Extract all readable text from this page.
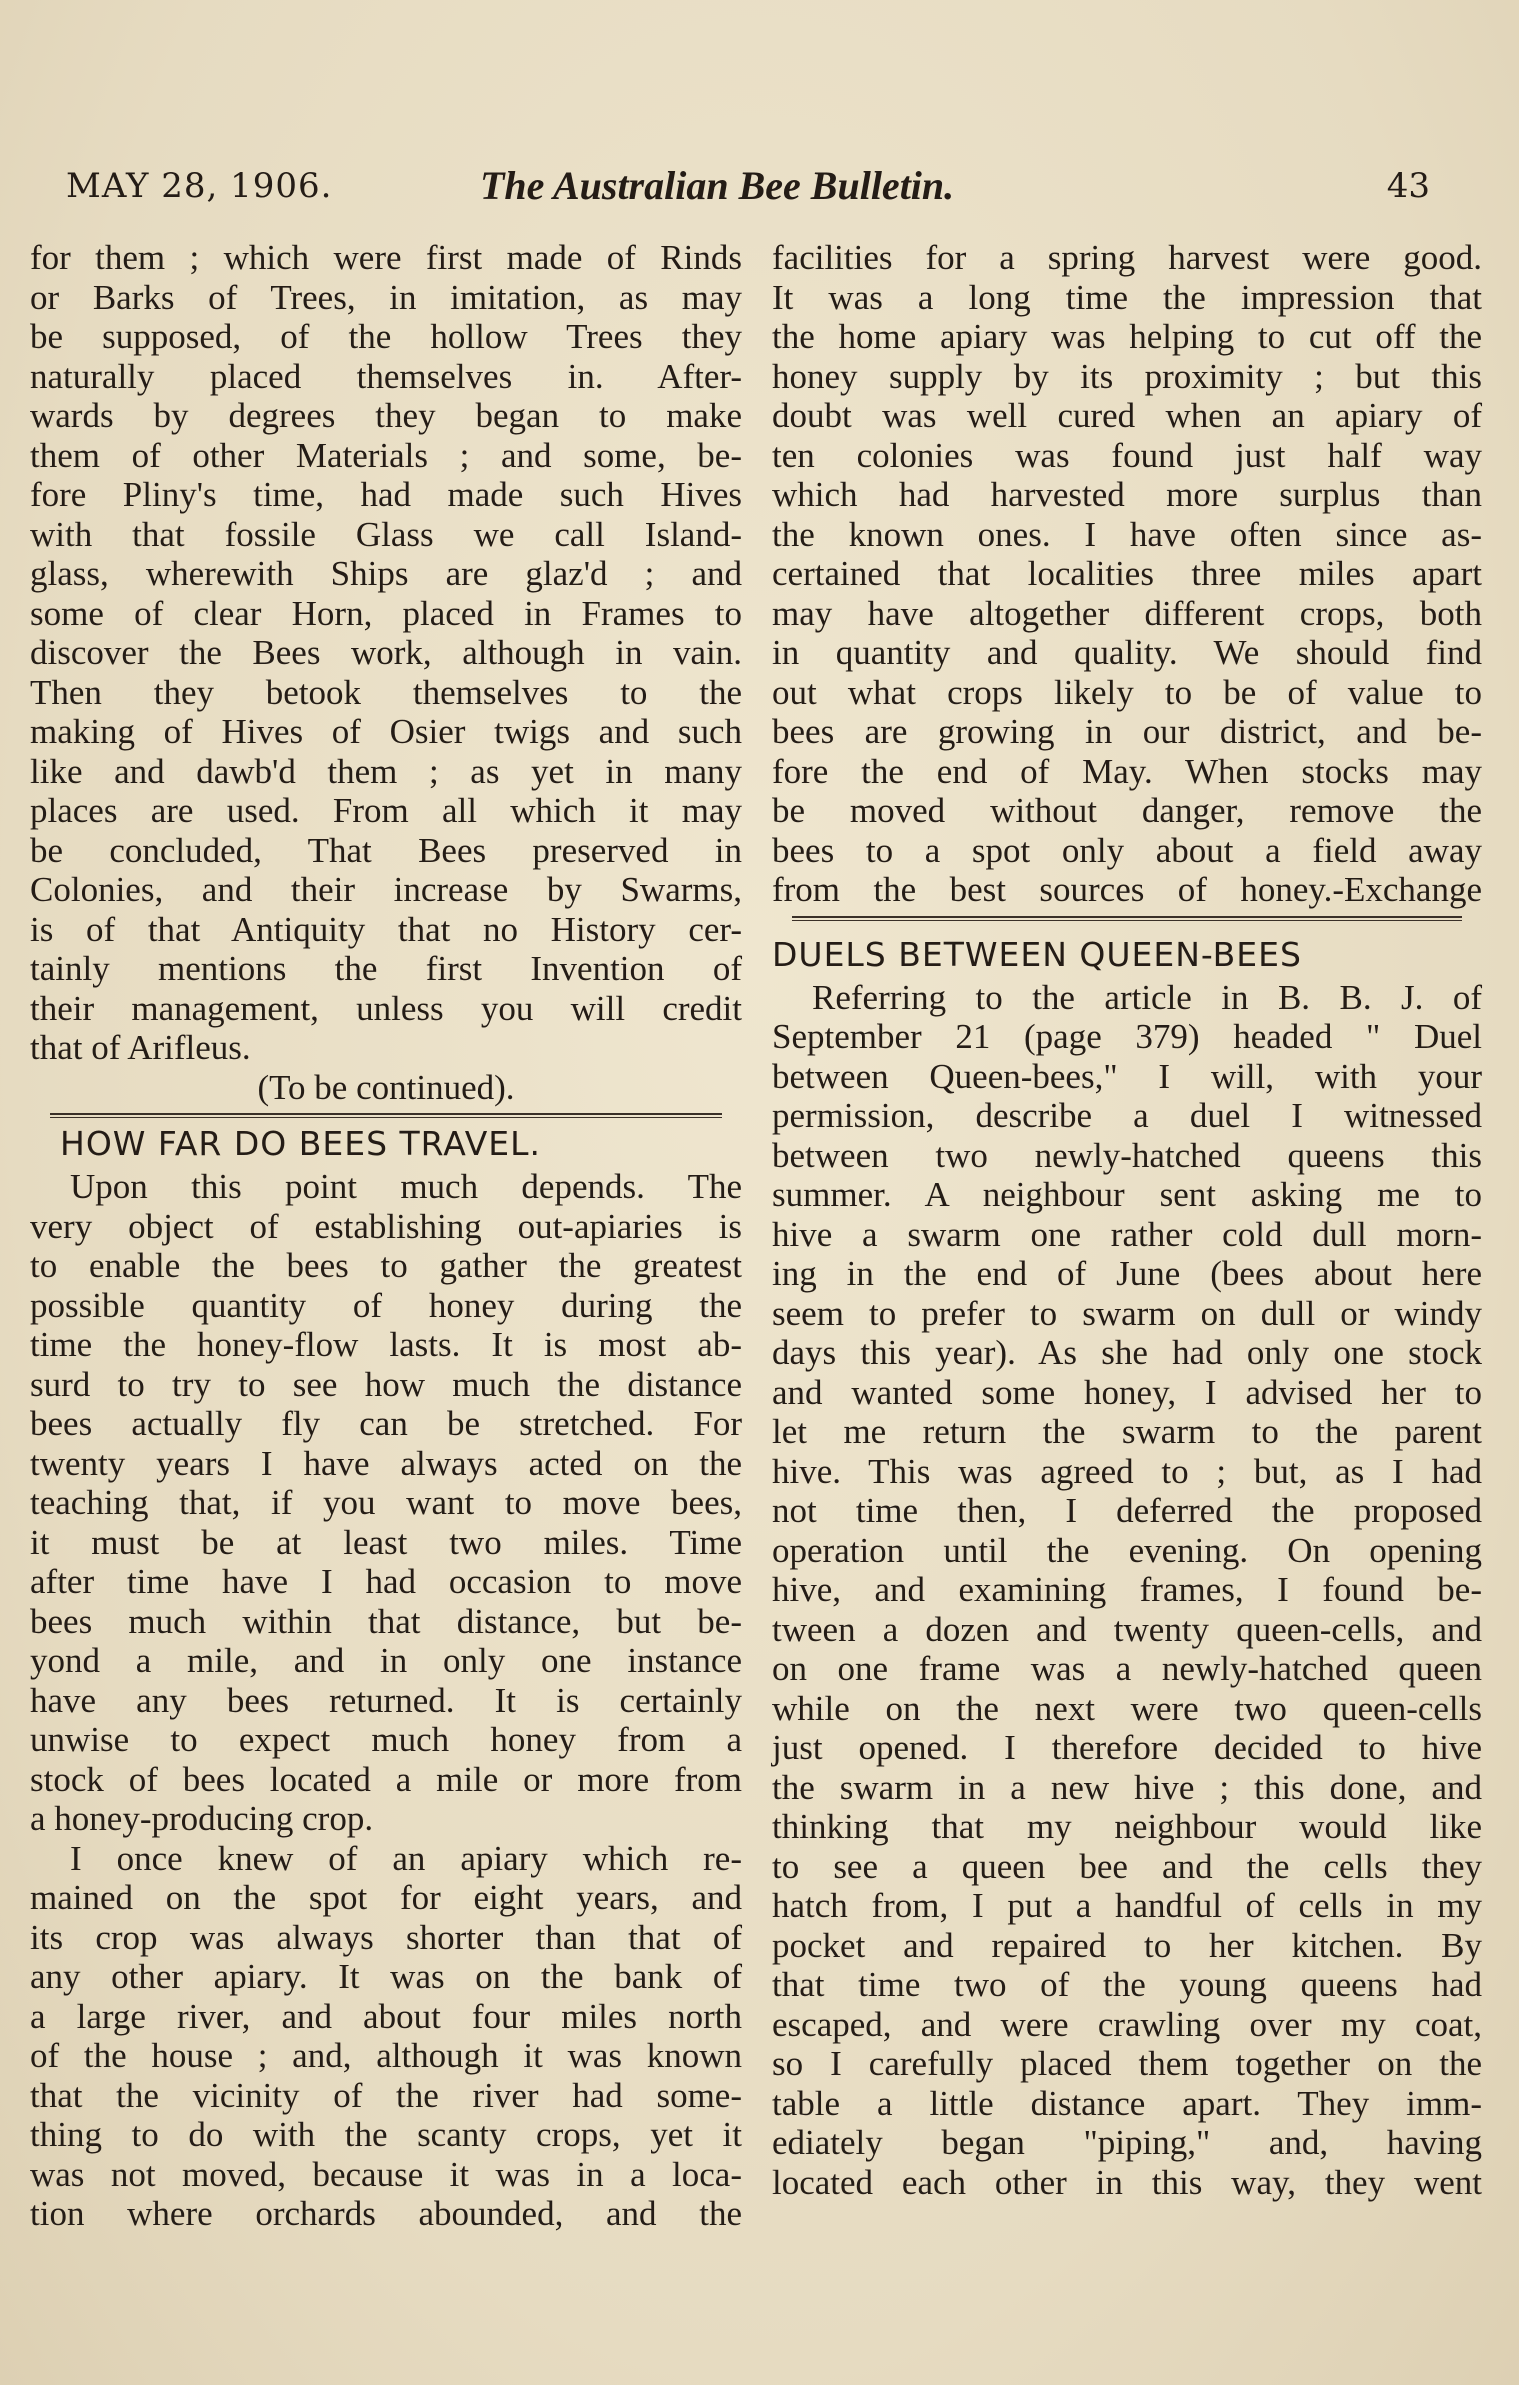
MAY 28, 1906.	The Australian Bee Bulletin.	43
for them ; which were first made of Rinds
or Barks of Trees, in imitation, as may
be supposed, of the hollow Trees they
naturally placed themselves in. After-
wards by degrees they began to make
them of other Materials ; and some, be-
fore Pliny's time, had made such Hives
with that fossile Glass we call Island-
glass, wherewith Ships are glaz'd ; and
some of clear Horn, placed in Frames to
discover the Bees work, although in vain.
Then they betook themselves to the
making of Hives of Osier twigs and such
like and dawb'd them ; as yet in many
places are used. From all which it may
be concluded, That Bees preserved in
Colonies, and their increase by Swarms,
is of that Antiquity that no History cer-
tainly mentions the first Invention of
their management, unless you will credit
that of Arifleus.
(To be continued).
HOW FAR DO BEES TRAVEL.
Upon this point much depends. The
very object of establishing out-apiaries is
to enable the bees to gather the greatest
possible quantity of honey during the
time the honey-flow lasts. It is most ab-
surd to try to see how much the distance
bees actually fly can be stretched. For
twenty years I have always acted on the
teaching that, if you want to move bees,
it must be at least two miles. Time
after time have I had occasion to move
bees much within that distance, but be-
yond a mile, and in only one instance
have any bees returned. It is certainly
unwise to expect much honey from a
stock of bees located a mile or more from
a honey-producing crop.
I once knew of an apiary which re-
mained on the spot for eight years, and
its crop was always shorter than that of
any other apiary. It was on the bank of
a large river, and about four miles north
of the house ; and, although it was known
that the vicinity of the river had some-
thing to do with the scanty crops, yet it
was not moved, because it was in a loca-
tion where orchards abounded, and the
facilities for a spring harvest were good.
It was a long time the impression that
the home apiary was helping to cut off the
honey supply by its proximity ; but this
doubt was well cured when an apiary of
ten colonies was found just half way
which had harvested more surplus than
the known ones. I have often since as-
certained that localities three miles apart
may have altogether different crops, both
in quantity and quality. We should find
out what crops likely to be of value to
bees are growing in our district, and be-
fore the end of May. When stocks may
be moved without danger, remove the
bees to a spot only about a field away
from the best sources of honey.-Exchange
DUELS BETWEEN QUEEN-BEES
Referring to the article in B. B. J. of
September 21 (page 379) headed " Duel
between Queen-bees," I will, with your
permission, describe a duel I witnessed
between two newly-hatched queens this
summer. A neighbour sent asking me to
hive a swarm one rather cold dull morn-
ing in the end of June (bees about here
seem to prefer to swarm on dull or windy
days this year). As she had only one stock
and wanted some honey, I advised her to
let me return the swarm to the parent
hive. This was agreed to ; but, as I had
not time then, I deferred the proposed
operation until the evening. On opening
hive, and examining frames, I found be-
tween a dozen and twenty queen-cells, and
on one frame was a newly-hatched queen
while on the next were two queen-cells
just opened. I therefore decided to hive
the swarm in a new hive ; this done, and
thinking that my neighbour would like
to see a queen bee and the cells they
hatch from, I put a handful of cells in my
pocket and repaired to her kitchen. By
that time two of the young queens had
escaped, and were crawling over my coat,
so I carefully placed them together on the
table a little distance apart. They imm-
ediately began "piping," and, having
located each other in this way, they went
